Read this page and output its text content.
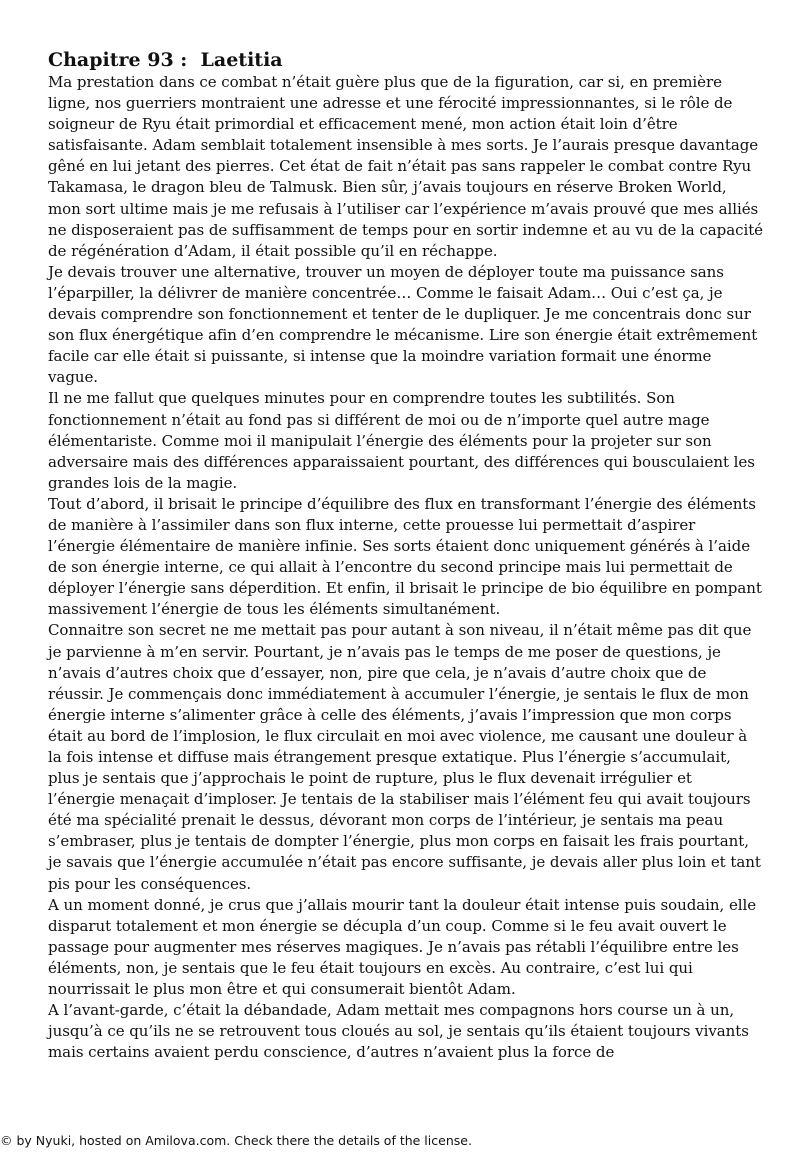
Chapitre 93 :  Laetitia

Ma prestation dans ce combat n’était guère plus que de la figuration, car si, en première ligne, nos guerriers montraient une adresse et une férocité impressionnantes, si le rôle de soigneur de Ryu était primordial et efficacement mené, mon action était loin d’être satisfaisante. Adam semblait totalement insensible à mes sorts. Je l’aurais presque davantage gêné en lui jetant des pierres. Cet état de fait n’était pas sans rappeler le combat contre Ryu Takamasa, le dragon bleu de Talmusk. Bien sûr, j’avais toujours en réserve Broken World, mon sort ultime mais je me refusais à l’utiliser car l’expérience m’avais prouvé que mes alliés ne disposeraient pas de suffisamment de temps pour en sortir indemne et au vu de la capacité de régénération d’Adam, il était possible qu’il en réchappe.

Je devais trouver une alternative, trouver un moyen de déployer toute ma puissance sans l’éparpiller, la délivrer de manière concentrée… Comme le faisait Adam… Oui c’est ça, je devais comprendre son fonctionnement et tenter de le dupliquer. Je me concentrais donc sur son flux énergétique afin d’en comprendre le mécanisme. Lire son énergie était extrêmement facile car elle était si puissante, si intense que la moindre variation formait une énorme vague.

Il ne me fallut que quelques minutes pour en comprendre toutes les subtilités. Son fonctionnement n’était au fond pas si différent de moi ou de n’importe quel autre mage élémentariste. Comme moi il manipulait l’énergie des éléments pour la projeter sur son adversaire mais des différences apparaissaient pourtant, des différences qui bousculaient les grandes lois de la magie.

Tout d’abord, il brisait le principe d’équilibre des flux en transformant l’énergie des éléments de manière à l’assimiler dans son flux interne, cette prouesse lui permettait d’aspirer l’énergie élémentaire de manière infinie. Ses sorts étaient donc uniquement générés à l’aide de son énergie interne, ce qui allait à l’encontre du second principe mais lui permettait de déployer l’énergie sans déperdition. Et enfin, il brisait le principe de bio équilibre en pompant massivement l’énergie de tous les éléments simultanément.

Connaitre son secret ne me mettait pas pour autant à son niveau, il n’était même pas dit que je parvienne à m’en servir. Pourtant, je n’avais pas le temps de me poser de questions, je n’avais d’autres choix que d’essayer, non, pire que cela, je n’avais d’autre choix que de réussir. Je commençais donc immédiatement à accumuler l’énergie, je sentais le flux de mon énergie interne s’alimenter grâce à celle des éléments, j’avais l’impression que mon corps était au bord de l’implosion, le flux circulait en moi avec violence, me causant une douleur à la fois intense et diffuse mais étrangement presque extatique. Plus l’énergie s’accumulait, plus je sentais que j’approchais le point de rupture, plus le flux devenait irrégulier et l’énergie menaçait d’imploser. Je tentais de la stabiliser mais l’élément feu qui avait toujours été ma spécialité prenait le dessus, dévorant mon corps de l’intérieur, je sentais ma peau s’embraser, plus je tentais de dompter l’énergie, plus mon corps en faisait les frais pourtant, je savais que l’énergie accumulée n’était pas encore suffisante, je devais aller plus loin et tant pis pour les conséquences.

A un moment donné, je crus que j’allais mourir tant la douleur était intense puis soudain, elle disparut totalement et mon énergie se décupla d’un coup. Comme si le feu avait ouvert le passage pour augmenter mes réserves magiques. Je n’avais pas rétabli l’équilibre entre les éléments, non, je sentais que le feu était toujours en excès. Au contraire, c’est lui qui nourrissait le plus mon être et qui consumerait bientôt Adam.

A l’avant-garde, c’était la débandade, Adam mettait mes compagnons hors course un à un, jusqu’à ce qu’ils ne se retrouvent tous cloués au sol, je sentais qu’ils étaient toujours vivants mais certains avaient perdu conscience, d’autres n’avaient plus la force de

© by Nyuki, hosted on Amilova.com. Check there the details of the license.
